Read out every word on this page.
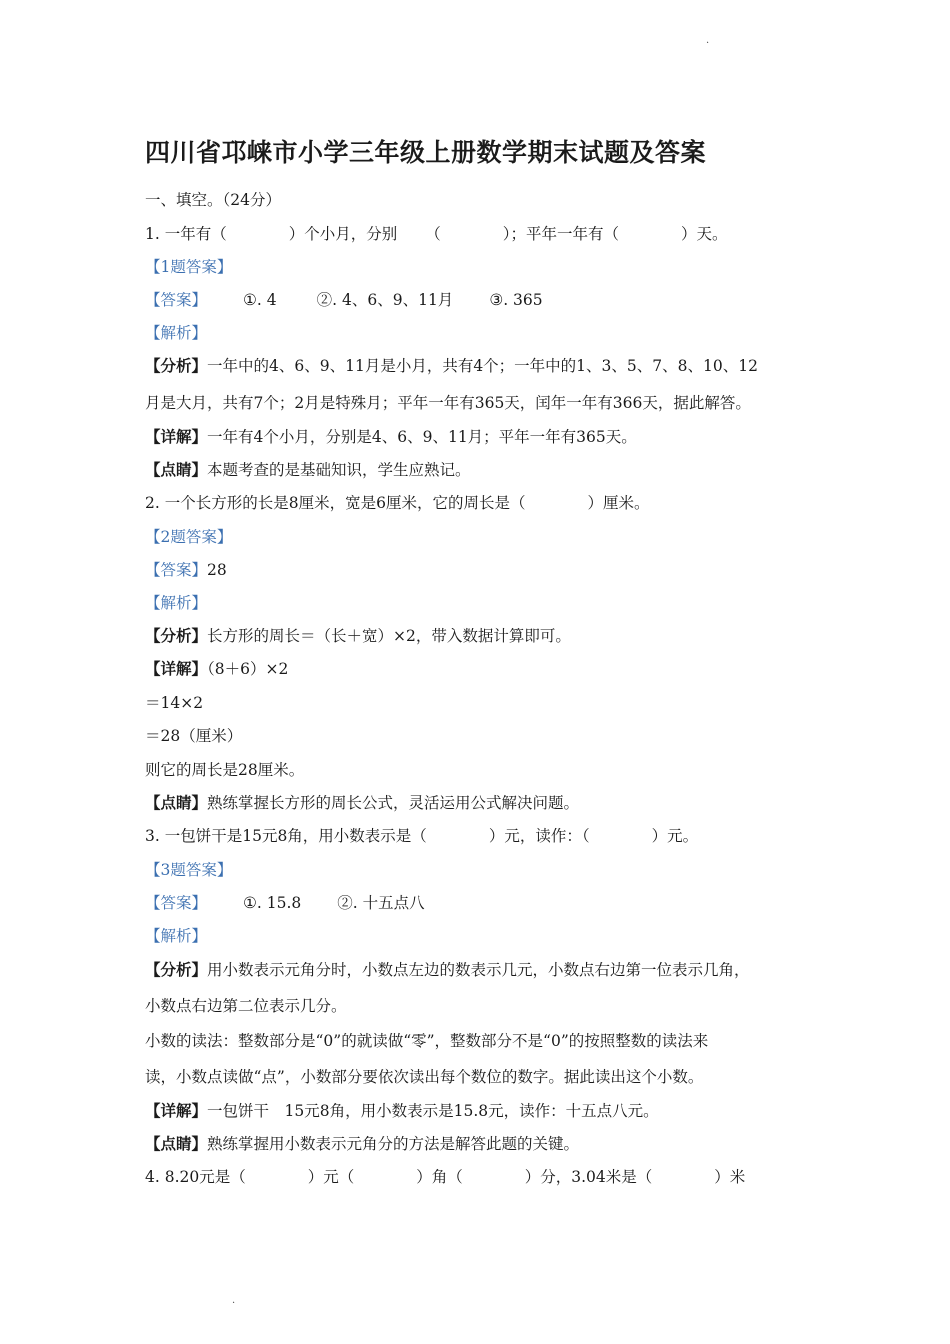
·
四川省邛崃市小学三年级上册数学期末试题及答案
一、填空。（24分）
1. 一年有（	）个小月，分别 （	）；平年一年有（	）天。
【1题答案】
【答案】 ①. 4	②. 4、6、9、11月 ③. 365
【解析】
【分析】一年中的4、6、9、11月是小月，共有4个；一年中的1、3、5、7、8、10、12
月是大月，共有7个；2月是特殊月；平年一年有365天，闰年一年有366天，据此解答。
【详解】一年有4个小月，分别是4、6、9、11月；平年一年有365天。
【点睛】本题考查的是基础知识，学生应熟记。
2. 一个长方形的长是8厘米，宽是6厘米，它的周长是（	）厘米。
【2题答案】
【答案】28
【解析】
【分析】长方形的周长＝（长＋宽）×2，带入数据计算即可。
【详解】（8＋6）×2
＝14×2
＝28（厘米）
则它的周长是28厘米。
【点睛】熟练掌握长方形的周长公式，灵活运用公式解决问题。
3. 一包饼干是15元8角，用小数表示是（	）元，读作：（	）元。
【3题答案】
【答案】 ①. 15.8 ②. 十五点八
【解析】
【分析】用小数表示元角分时，小数点左边的数表示几元，小数点右边第一位表示几角，
小数点右边第二位表示几分。
小数的读法：整数部分是“0”的就读做“零”，整数部分不是“0”的按照整数的读法来
读，小数点读做“点”，小数部分要依次读出每个数位的数字。据此读出这个小数。
【详解】一包饼干　15元8角，用小数表示是15.8元，读作：十五点八元。
【点睛】熟练掌握用小数表示元角分的方法是解答此题的关键。
4. 8.20元是（	）元（	）角（	）分，3.04米是（	）米
·
